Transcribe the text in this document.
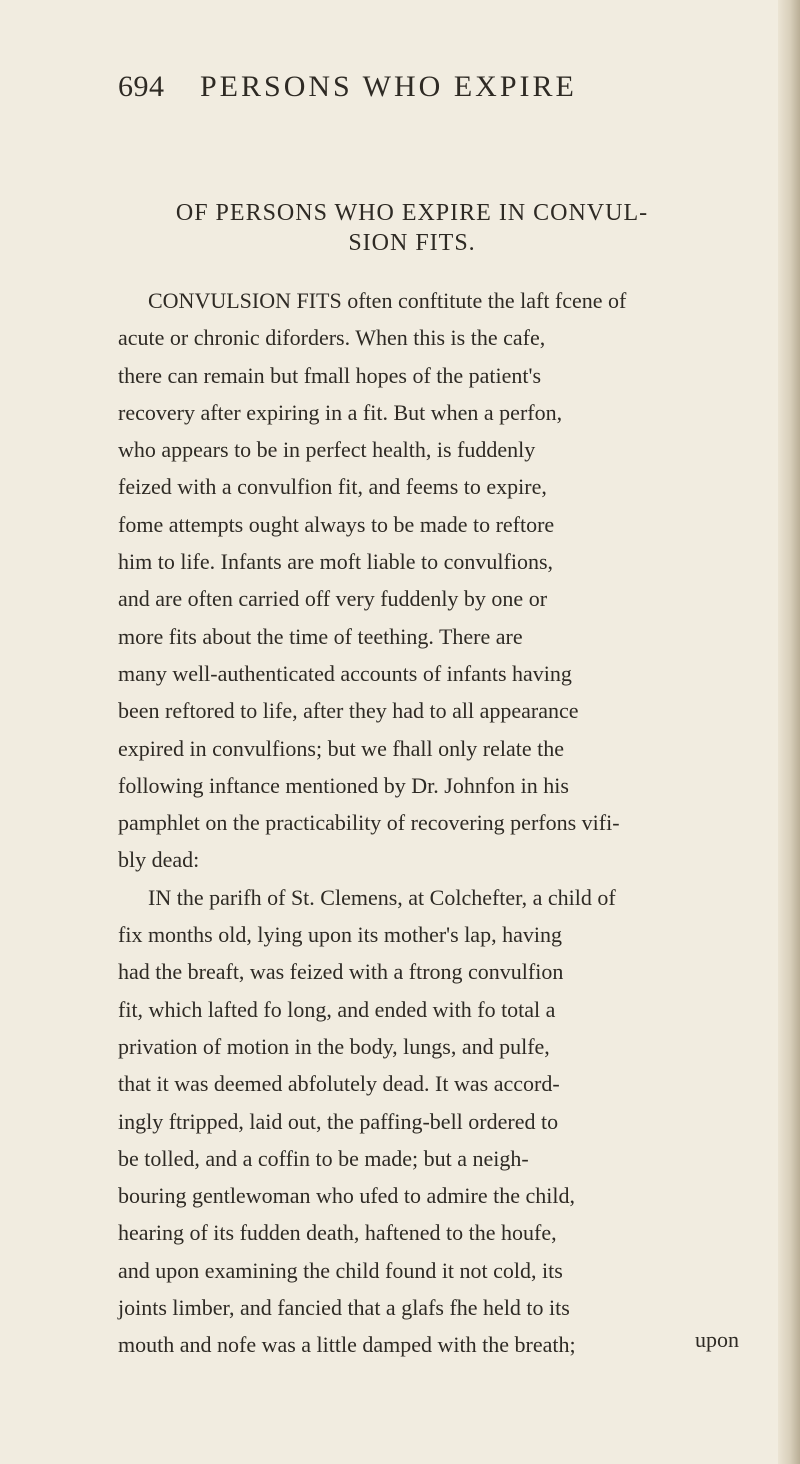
694 PERSONS WHO EXPIRE
OF PERSONS WHO EXPIRE IN CONVUL-
SION FITS.
CONVULSION FITS often conftitute the laft fcene of
acute or chronic diforders. When this is the cafe,
there can remain but fmall hopes of the patient's
recovery after expiring in a fit. But when a perfon,
who appears to be in perfect health, is fuddenly
feized with a convulfion fit, and feems to expire,
fome attempts ought always to be made to reftore
him to life. Infants are moft liable to convulfions,
and are often carried off very fuddenly by one or
more fits about the time of teething. There are
many well-authenticated accounts of infants having
been reftored to life, after they had to all appearance
expired in convulfions; but we fhall only relate the
following inftance mentioned by Dr. Johnfon in his
pamphlet on the practicability of recovering perfons vifi-
bly dead:
IN the parifh of St. Clemens, at Colchefter, a child of
fix months old, lying upon its mother's lap, having
had the breaft, was feized with a ftrong convulfion
fit, which lafted fo long, and ended with fo total a
privation of motion in the body, lungs, and pulfe,
that it was deemed abfolutely dead. It was accord-
ingly ftripped, laid out, the paffing-bell ordered to
be tolled, and a coffin to be made; but a neigh-
bouring gentlewoman who ufed to admire the child,
hearing of its fudden death, haftened to the houfe,
and upon examining the child found it not cold, its
joints limber, and fancied that a glafs fhe held to its
mouth and nofe was a little damped with the breath;	upon
